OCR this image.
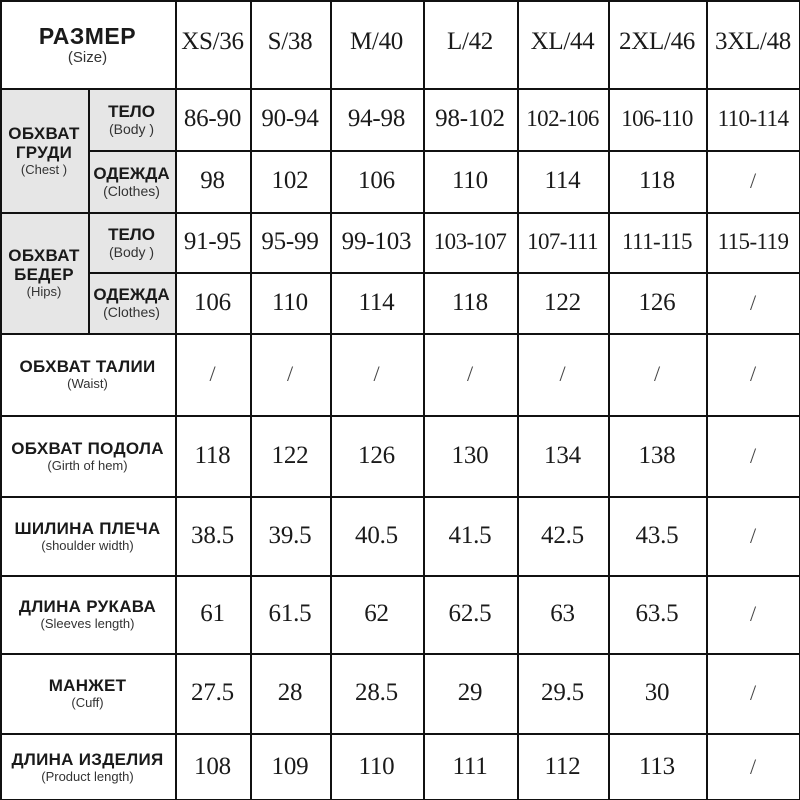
РАЗМЕР
(Size)
XS/36 S/38	M/40	L/42	XL/44 2XL/46 3XL/48
ОБХВАТ
ГРУДИ
(Chest )
ТЕЛО
(Body ) 86-90 90-94 94-98 98-102 102-106 106-110 110-114
ОДЕЖДА
(Clothes) 98 102 106 110 114 118	/
ОБХВАТ
БЕДЕР
(Hips)
ТЕЛО
(Body ) 91-95 95-99 99-103 103-107 107-111 111-115 115-119
ОДЕЖДА
(Clothes) 106 110 114 118 122 126	/
ОБХВАТ ТАЛИИ
(Waist)	/	/	/	/	/	/	/
ОБХВАТ ПОДОЛА
(Girth of hem)	118 122 126 130 134 138	/
ШИЛИНА ПЛЕЧА
(shoulder width) 38.5 39.5 40.5 41.5 42.5 43.5	/
ДЛИНА РУКАВА
(Sleeves length)	61 61.5 62 62.5 63 63.5	/
МАНЖЕТ
(Cuff)	27.5 28 28.5 29 29.5 30	/
ДЛИНА ИЗДЕЛИЯ
(Product length) 108 109 110 111 112 113	/
